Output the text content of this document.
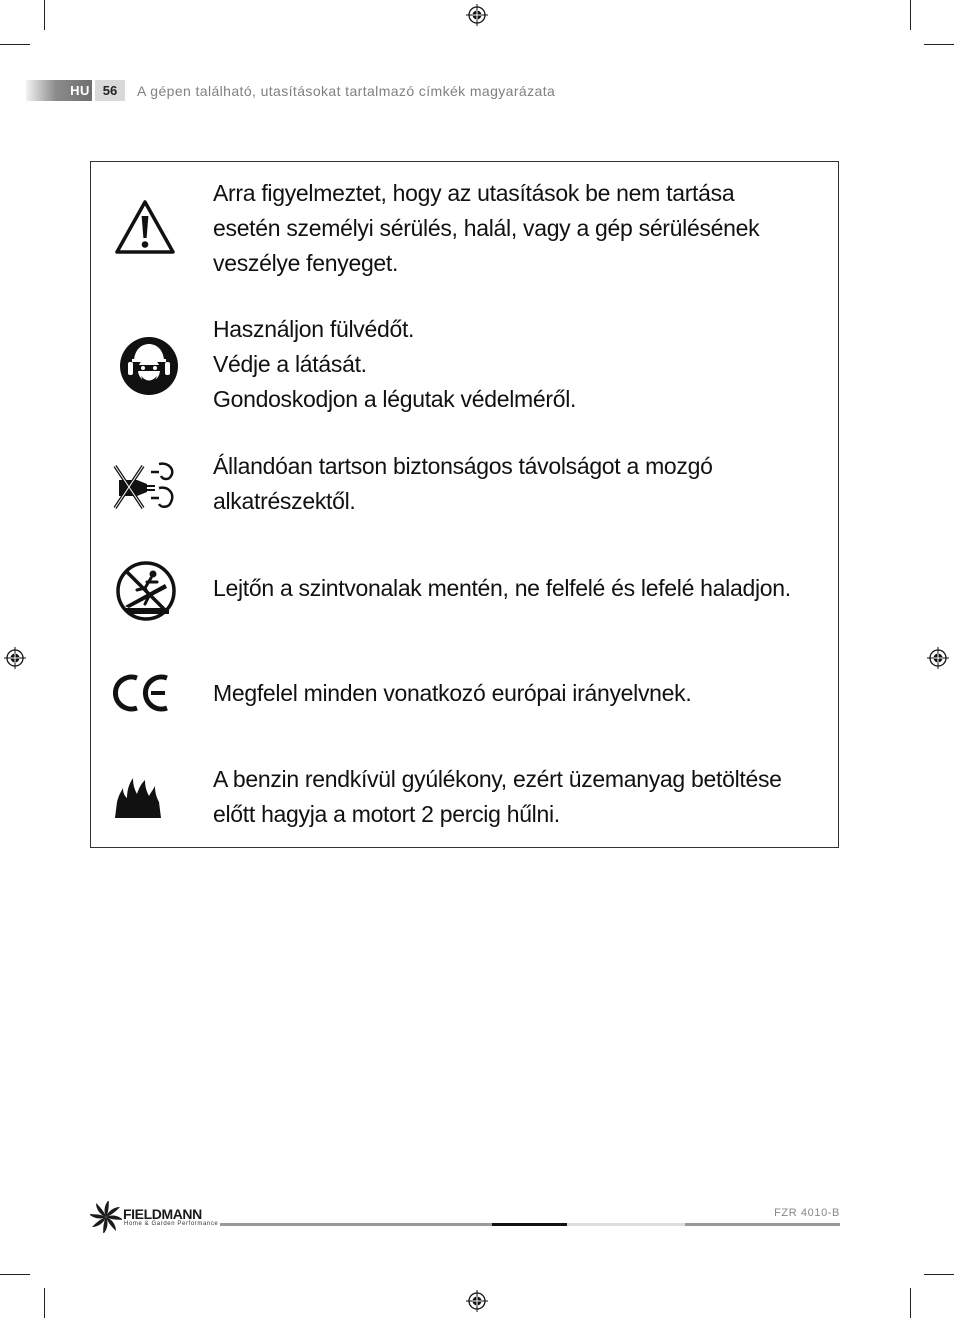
HU 56	A gépen található, utasításokat tartalmazó címkék magyarázata
Arra figyelmeztet, hogy az utasítások be nem tartása
esetén személyi sérülés, halál, vagy a gép sérülésének
veszélye fenyeget.
Használjon fülvédőt.
Védje a látását.
Gondoskodjon a légutak védelméről.
Állandóan tartson biztonságos távolságot a mozgó
alkatrészektől.
Lejtőn a szintvonalak mentén, ne felfelé és lefelé haladjon.
Megfelel minden vonatkozó európai irányelvnek.
A benzin rendkívül gyúlékony, ezért üzemanyag betöltése
előtt hagyja a motort 2 percig hűlni.
FIELDMANN
Home & Garden Performance
FZR 4010-B
